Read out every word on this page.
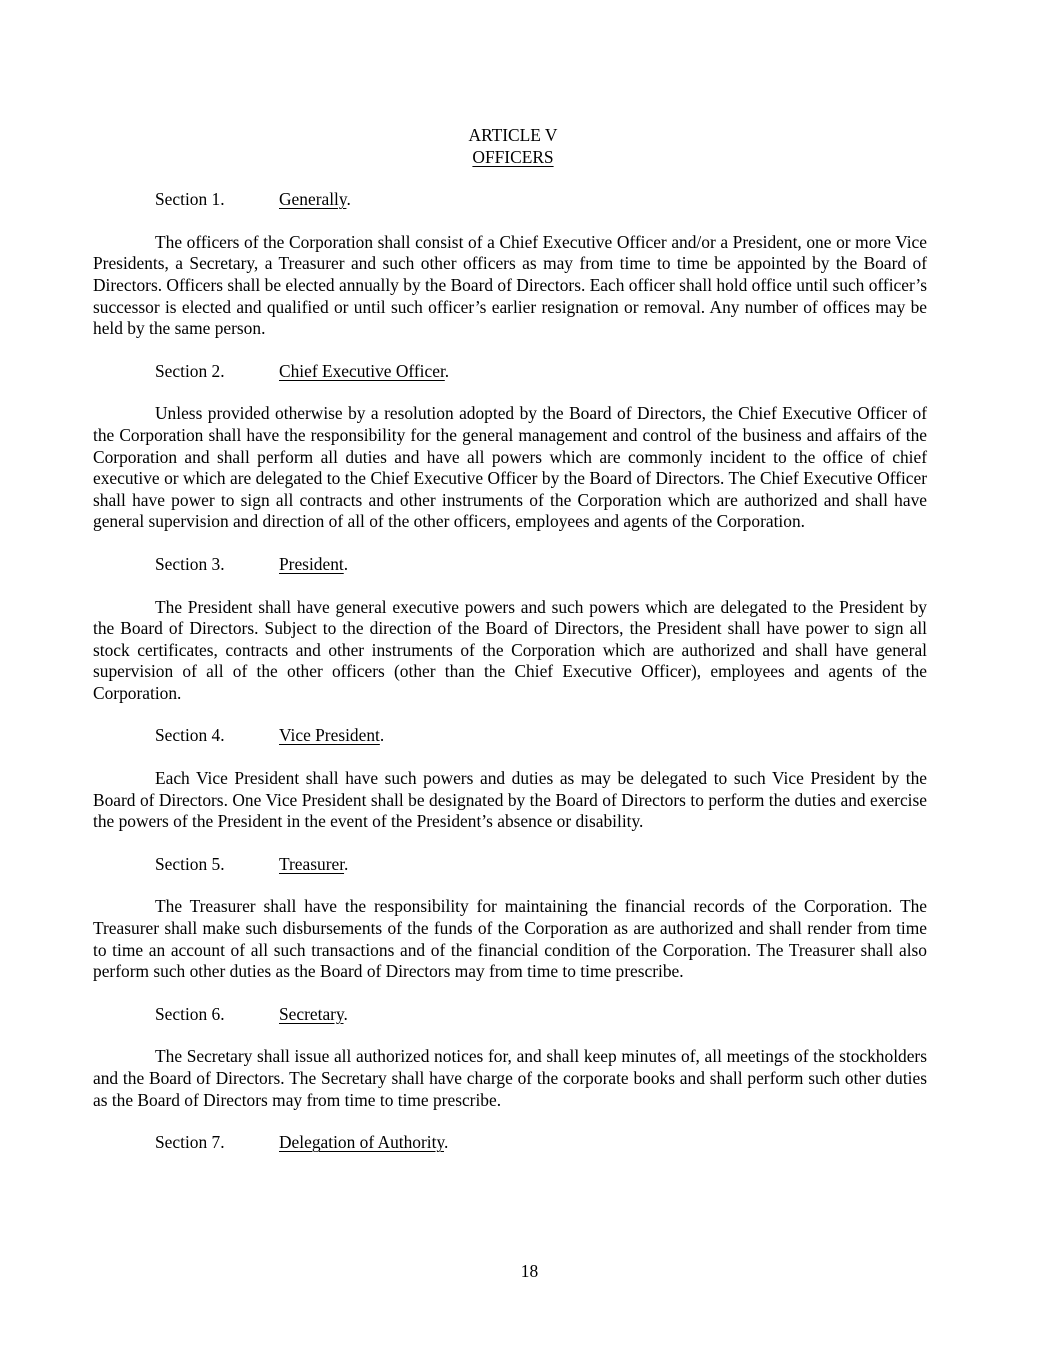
ARTICLE V

OFFICERS

Section 1.	Generally.

The officers of the Corporation shall consist of a Chief Executive Officer and/or a President, one or more Vice Presidents, a Secretary, a Treasurer and such other officers as may from time to time be appointed by the Board of Directors. Officers shall be elected annually by the Board of Directors. Each officer shall hold office until such officer’s successor is elected and qualified or until such officer’s earlier resignation or removal. Any number of offices may be held by the same person.

Section 2.	Chief Executive Officer.

Unless provided otherwise by a resolution adopted by the Board of Directors, the Chief Executive Officer of the Corporation shall have the responsibility for the general management and control of the business and affairs of the Corporation and shall perform all duties and have all powers which are commonly incident to the office of chief executive or which are delegated to the Chief Executive Officer by the Board of Directors. The Chief Executive Officer shall have power to sign all contracts and other instruments of the Corporation which are authorized and shall have general supervision and direction of all of the other officers, employees and agents of the Corporation.

Section 3.	President.

The President shall have general executive powers and such powers which are delegated to the President by the Board of Directors. Subject to the direction of the Board of Directors, the President shall have power to sign all stock certificates, contracts and other instruments of the Corporation which are authorized and shall have general supervision of all of the other officers (other than the Chief Executive Officer), employees and agents of the Corporation.

Section 4.	Vice President.

Each Vice President shall have such powers and duties as may be delegated to such Vice President by the Board of Directors. One Vice President shall be designated by the Board of Directors to perform the duties and exercise the powers of the President in the event of the President’s absence or disability.

Section 5.	Treasurer.

The Treasurer shall have the responsibility for maintaining the financial records of the Corporation. The Treasurer shall make such disbursements of the funds of the Corporation as are authorized and shall render from time to time an account of all such transactions and of the financial condition of the Corporation. The Treasurer shall also perform such other duties as the Board of Directors may from time to time prescribe.

Section 6.	Secretary.

The Secretary shall issue all authorized notices for, and shall keep minutes of, all meetings of the stockholders and the Board of Directors. The Secretary shall have charge of the corporate books and shall perform such other duties as the Board of Directors may from time to time prescribe.

Section 7.	Delegation of Authority.

18
